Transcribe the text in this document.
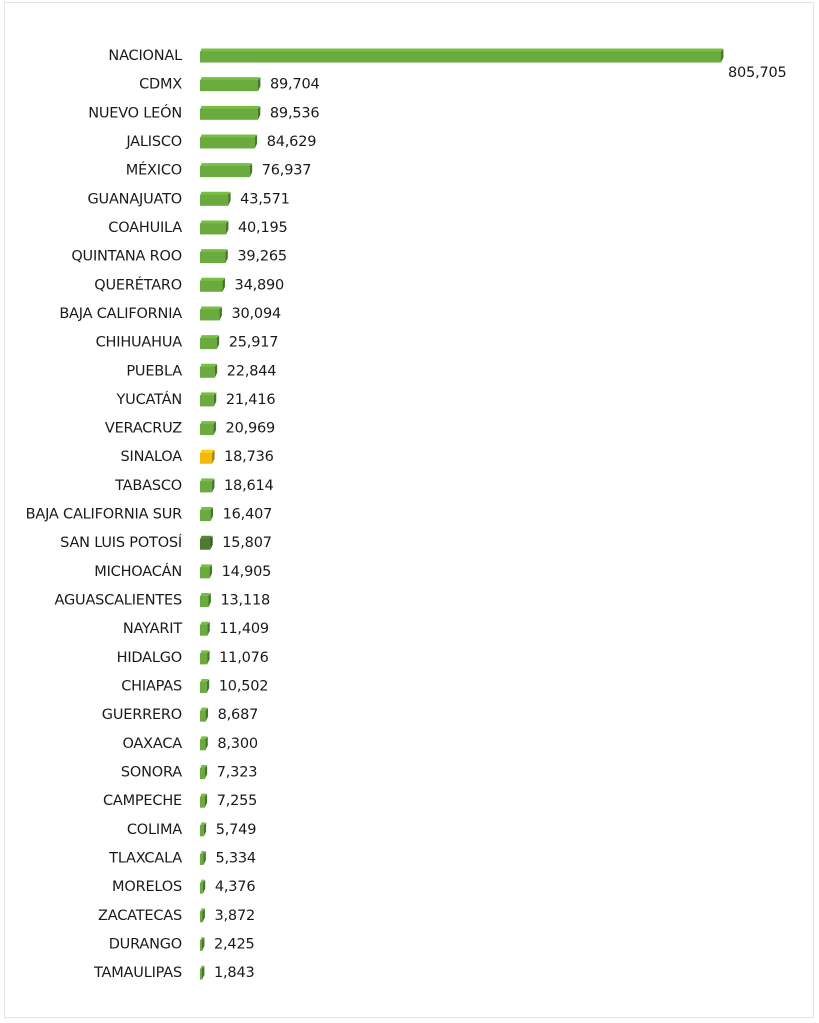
NACIONAL
805,705
CDMX	89,704
NUEVO LEÓN	89,536
JALISCO	84,629
MÉXICO	76,937
GUANAJUATO	43,571
COAHUILA	40,195
QUINTANA ROO	39,265
QUERÉTARO	34,890
BAJA CALIFORNIA	30,094
CHIHUAHUA	25,917
PUEBLA	22,844
YUCATÁN	21,416
VERACRUZ	20,969
SINALOA	18,736
TABASCO	18,614
BAJA CALIFORNIA SUR	16,407
SAN LUIS POTOSÍ	15,807
MICHOACÁN	14,905
AGUASCALIENTES	13,118
NAYARIT	11,409
HIDALGO	11,076
CHIAPAS	10,502
GUERRERO 8,687
OAXACA 8,300
SONORA 7,323
CAMPECHE 7,255
COLIMA 5,749
TLAXCALA 5,334
MORELOS 4,376
ZACATECAS 3,872
DURANGO 2,425
TAMAULIPAS 1,843
